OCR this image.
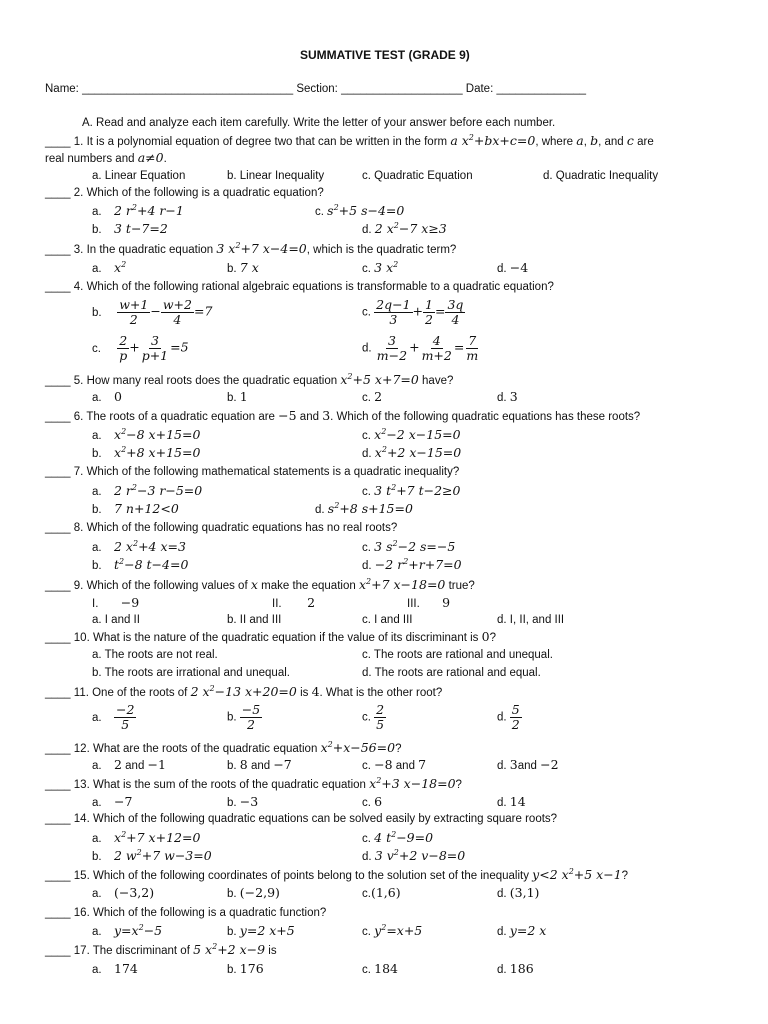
SUMMATIVE TEST (GRADE 9)
Name: _________________________________ Section: ___________________ Date: ______________
A. Read and analyze each item carefully. Write the letter of your answer before each number.
____ 1. It is a polynomial equation of degree two that can be written in the form a $x^2+bx+c=0$, where a, b, and c are
real numbers and a≠0.
a. Linear Equation	b. Linear Inequality	c. Quadratic Equation	d. Quadratic Inequality
____ 2. Which of the following is a quadratic equation?
a. 2 $r^2+4$ r−1	c. $s^2+5$ s−4=0
b. 3 t−7=2	d. 2 $x^2-7$ x≥3
____ 3. In the quadratic equation 3 $x^2+7$ x−4=0, which is the quadratic term?
a. $x^2$	b. 7 x	c. 3 $x^2$	d. −4
____ 4. Which of the following rational algebraic equations is transformable to a quadratic equation?
b. $\frac{w+1}{2} - \frac{w+2}{4} =7$	c. $\frac{2q-1}{3} + \frac{1}{2} = \frac{3q}{4}$
c. $\frac{2}{p} + \frac{3}{p+1} =5$	d. $\frac{3}{m-2} + \frac{4}{m+2} = \frac{7}{m}$
____ 5. How many real roots does the quadratic equation $x^2+5$ x+7=0 have?
a. 0	b. 1	c. 2	d. 3
____ 6. The roots of a quadratic equation are −5 and 3. Which of the following quadratic equations has these roots?
a. $x^2-8$ x+15=0	c. $x^2-2$ x−15=0
b. $x^2+8$ x+15=0	d. $x^2+2$ x−15=0
____ 7. Which of the following mathematical statements is a quadratic inequality?
a. 2 $r^2-3$ r−5=0	c. 3 $t^2+7$ t−2≥0
b. 7 n+12<0	d. $s^2+8$ s+15=0
____ 8. Which of the following quadratic equations has no real roots?
a. 2 $x^2+4$ x=3	c. 3 $s^2-2$ s=−5
b. $t^2-8$ t−4=0	d. −2 $r^2+r+7=0$
____ 9. Which of the following values of x make the equation $x^2+7$ x−18=0 true?
I. −9	II. 2	III. 9
a. I and II	b. II and III	c. I and III	d. I, II, and III
____ 10. What is the nature of the quadratic equation if the value of its discriminant is 0?
a. The roots are not real.	c. The roots are rational and unequal.
b. The roots are irrational and unequal.	d. The roots are rational and equal.
____ 11. One of the roots of 2 $x^2-13$ x+20=0 is 4. What is the other root?
a. $\frac{-2}{5}$	b. $\frac{-5}{2}$	c. $\frac{2}{5}$	d. $\frac{5}{2}$
____ 12. What are the roots of the quadratic equation $x^2+x-56=0$?
a. 2 and −1	b. 8 and −7	c. −8 and 7	d. 3and −2
____ 13. What is the sum of the roots of the quadratic equation $x^2+3$ x−18=0?
a. −7	b. −3	c. 6	d. 14
____ 14. Which of the following quadratic equations can be solved easily by extracting square roots?
a. $x^2+7$ x+12=0	c. 4 $t^2-9=0$
b. 2 $w^2+7$ w−3=0	d. 3 $v^2+2$ v−8=0
____ 15. Which of the following coordinates of points belong to the solution set of the inequality y<2 $x^2+5$ x−1?
a. (−3,2)	b. (−2,9)	c.(1,6)	d. (3,1)
____ 16. Which of the following is a quadratic function?
a. $y=x^2-5$	b. y=2 x+5	c. $y^2=x+5$	d. y=2 x
____ 17. The discriminant of 5 $x^2+2$ x−9 is
a. 174	b. 176	c. 184	d. 186
